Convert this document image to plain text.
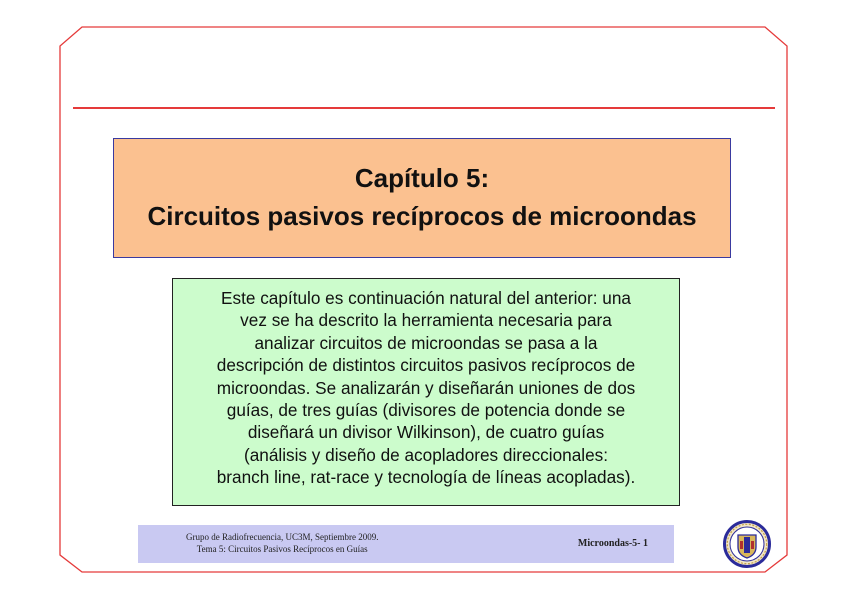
Capítulo 5:
Circuitos pasivos recíprocos de microondas
Este capítulo es continuación natural del anterior: una
vez se ha descrito la herramienta necesaria para
analizar circuitos de microondas se pasa a la
descripción de distintos circuitos pasivos recíprocos de
microondas. Se analizarán y diseñarán uniones de dos
guías, de tres guías (divisores de potencia donde se
diseñará un divisor Wilkinson), de cuatro guías
(análisis y diseño de acopladores direccionales:
branch line, rat-race y tecnología de líneas acopladas).
Grupo de Radiofrecuencia, UC3M, Septiembre 2009.
Tema 5: Circuitos Pasivos Recíprocos en Guías	Microondas-5- 1
